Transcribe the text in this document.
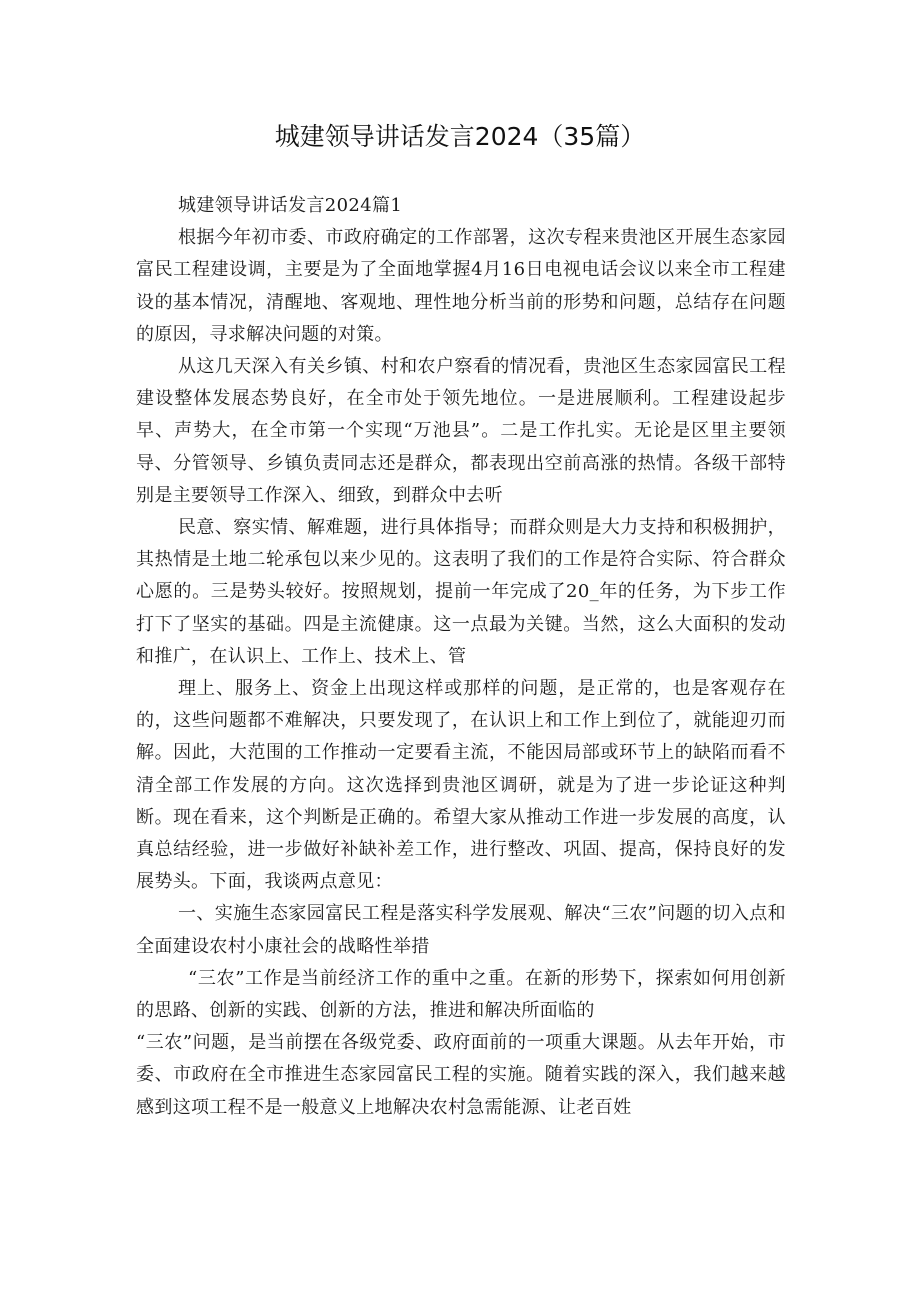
城建领导讲话发言2024（35篇）

城建领导讲话发言2024篇1

根据今年初市委、市政府确定的工作部署，这次专程来贵池区开展生态家园富民工程建设调，主要是为了全面地掌握4月16日电视电话会议以来全市工程建设的基本情况，清醒地、客观地、理性地分析当前的形势和问题，总结存在问题的原因，寻求解决问题的对策。

从这几天深入有关乡镇、村和农户察看的情况看，贵池区生态家园富民工程建设整体发展态势良好，在全市处于领先地位。一是进展顺利。工程建设起步早、声势大，在全市第一个实现“万池县”。二是工作扎实。无论是区里主要领导、分管领导、乡镇负责同志还是群众，都表现出空前高涨的热情。各级干部特别是主要领导工作深入、细致，到群众中去听

民意、察实情、解难题，进行具体指导；而群众则是大力支持和积极拥护，其热情是土地二轮承包以来少见的。这表明了我们的工作是符合实际、符合群众心愿的。三是势头较好。按照规划，提前一年完成了20_年的任务，为下步工作打下了坚实的基础。四是主流健康。这一点最为关键。当然，这么大面积的发动和推广，在认识上、工作上、技术上、管

理上、服务上、资金上出现这样或那样的问题，是正常的，也是客观存在的，这些问题都不难解决，只要发现了，在认识上和工作上到位了，就能迎刃而解。因此，大范围的工作推动一定要看主流，不能因局部或环节上的缺陷而看不清全部工作发展的方向。这次选择到贵池区调研，就是为了进一步论证这种判断。现在看来，这个判断是正确的。希望大家从推动工作进一步发展的高度，认真总结经验，进一步做好补缺补差工作，进行整改、巩固、提高，保持良好的发展势头。下面，我谈两点意见：

一、实施生态家园富民工程是落实科学发展观、解决“三农”问题的切入点和全面建设农村小康社会的战略性举措

“三农”工作是当前经济工作的重中之重。在新的形势下，探索如何用创新的思路、创新的实践、创新的方法，推进和解决所面临的

“三农”问题，是当前摆在各级党委、政府面前的一项重大课题。从去年开始，市委、市政府在全市推进生态家园富民工程的实施。随着实践的深入，我们越来越感到这项工程不是一般意义上地解决农村急需能源、让老百姓
